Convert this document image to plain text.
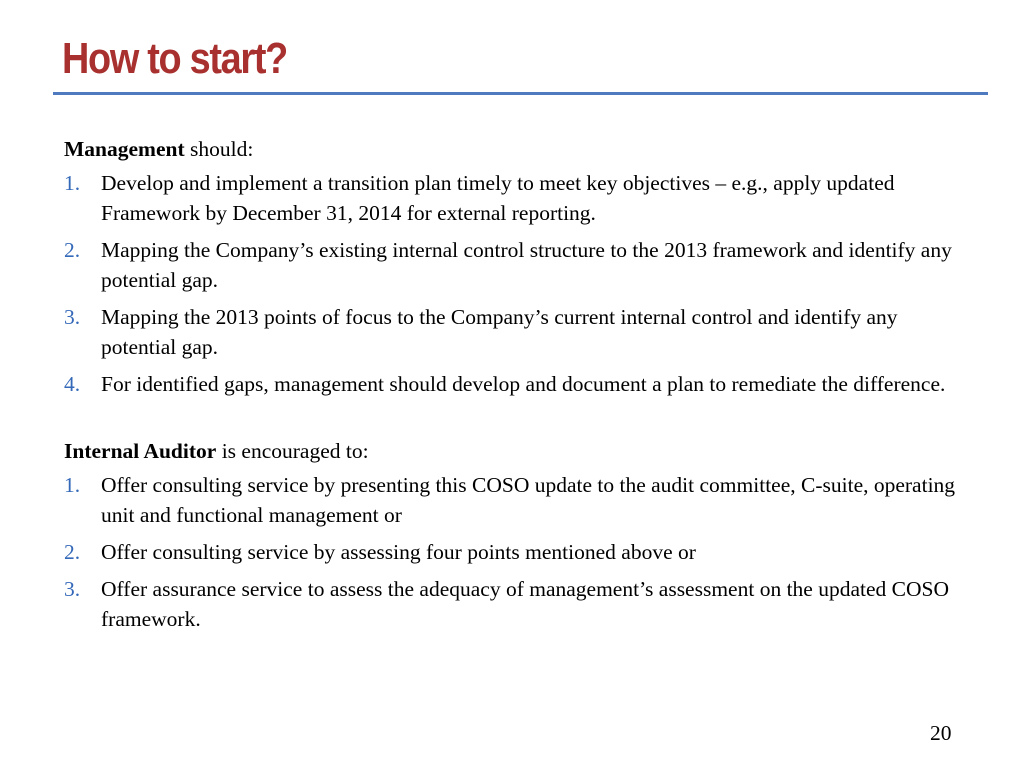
How to start?

Management should:

1. Develop and implement a transition plan timely to meet key objectives – e.g., apply updated Framework by December 31, 2014 for external reporting.
2. Mapping the Company’s existing internal control structure to the 2013 framework and identify any potential gap.
3. Mapping the 2013 points of focus to the Company’s current internal control and identify any potential gap.
4. For identified gaps, management should develop and document a plan to remediate the difference.

Internal Auditor is encouraged to:

1. Offer consulting service by presenting this COSO update to the audit committee, C-suite, operating unit and functional management or
2. Offer consulting service by assessing four points mentioned above or
3. Offer assurance service to assess the adequacy of management’s assessment on the updated COSO framework.
20
